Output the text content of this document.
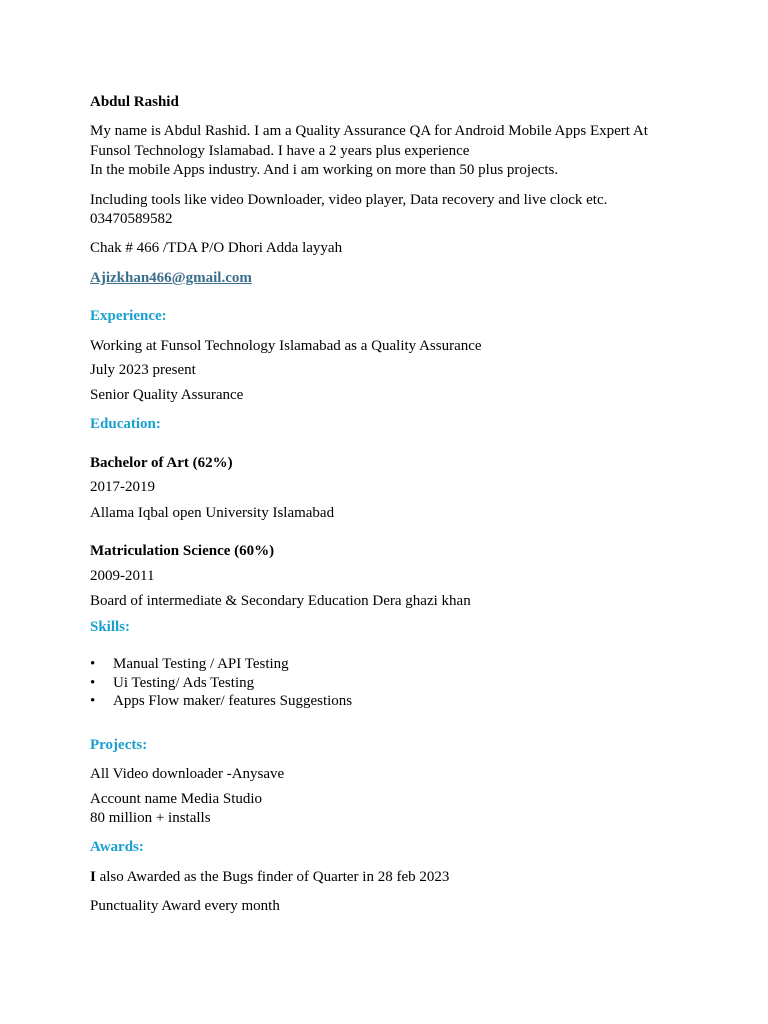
Abdul Rashid
My name is Abdul Rashid. I am a Quality Assurance QA for Android Mobile Apps Expert At
Funsol Technology Islamabad. I have a 2 years plus experience
In the mobile Apps industry. And i am working on more than 50 plus projects.
Including tools like video Downloader, video player, Data recovery and live clock etc.
03470589582
Chak # 466 /TDA P/O Dhori Adda layyah
Ajizkhan466@gmail.com
Experience:
Working at Funsol Technology Islamabad as a Quality Assurance
July 2023 present
Senior Quality Assurance
Education:
Bachelor of Art (62%)
2017-2019
Allama Iqbal open University Islamabad
Matriculation Science (60%)
2009-2011
Board of intermediate & Secondary Education Dera ghazi khan
Skills:
• Manual Testing / API Testing
• Ui Testing/ Ads Testing
• Apps Flow maker/ features Suggestions
Projects:
All Video downloader -Anysave
Account name Media Studio
80 million + installs
Awards:
I also Awarded as the Bugs finder of Quarter in 28 feb 2023
Punctuality Award every month
